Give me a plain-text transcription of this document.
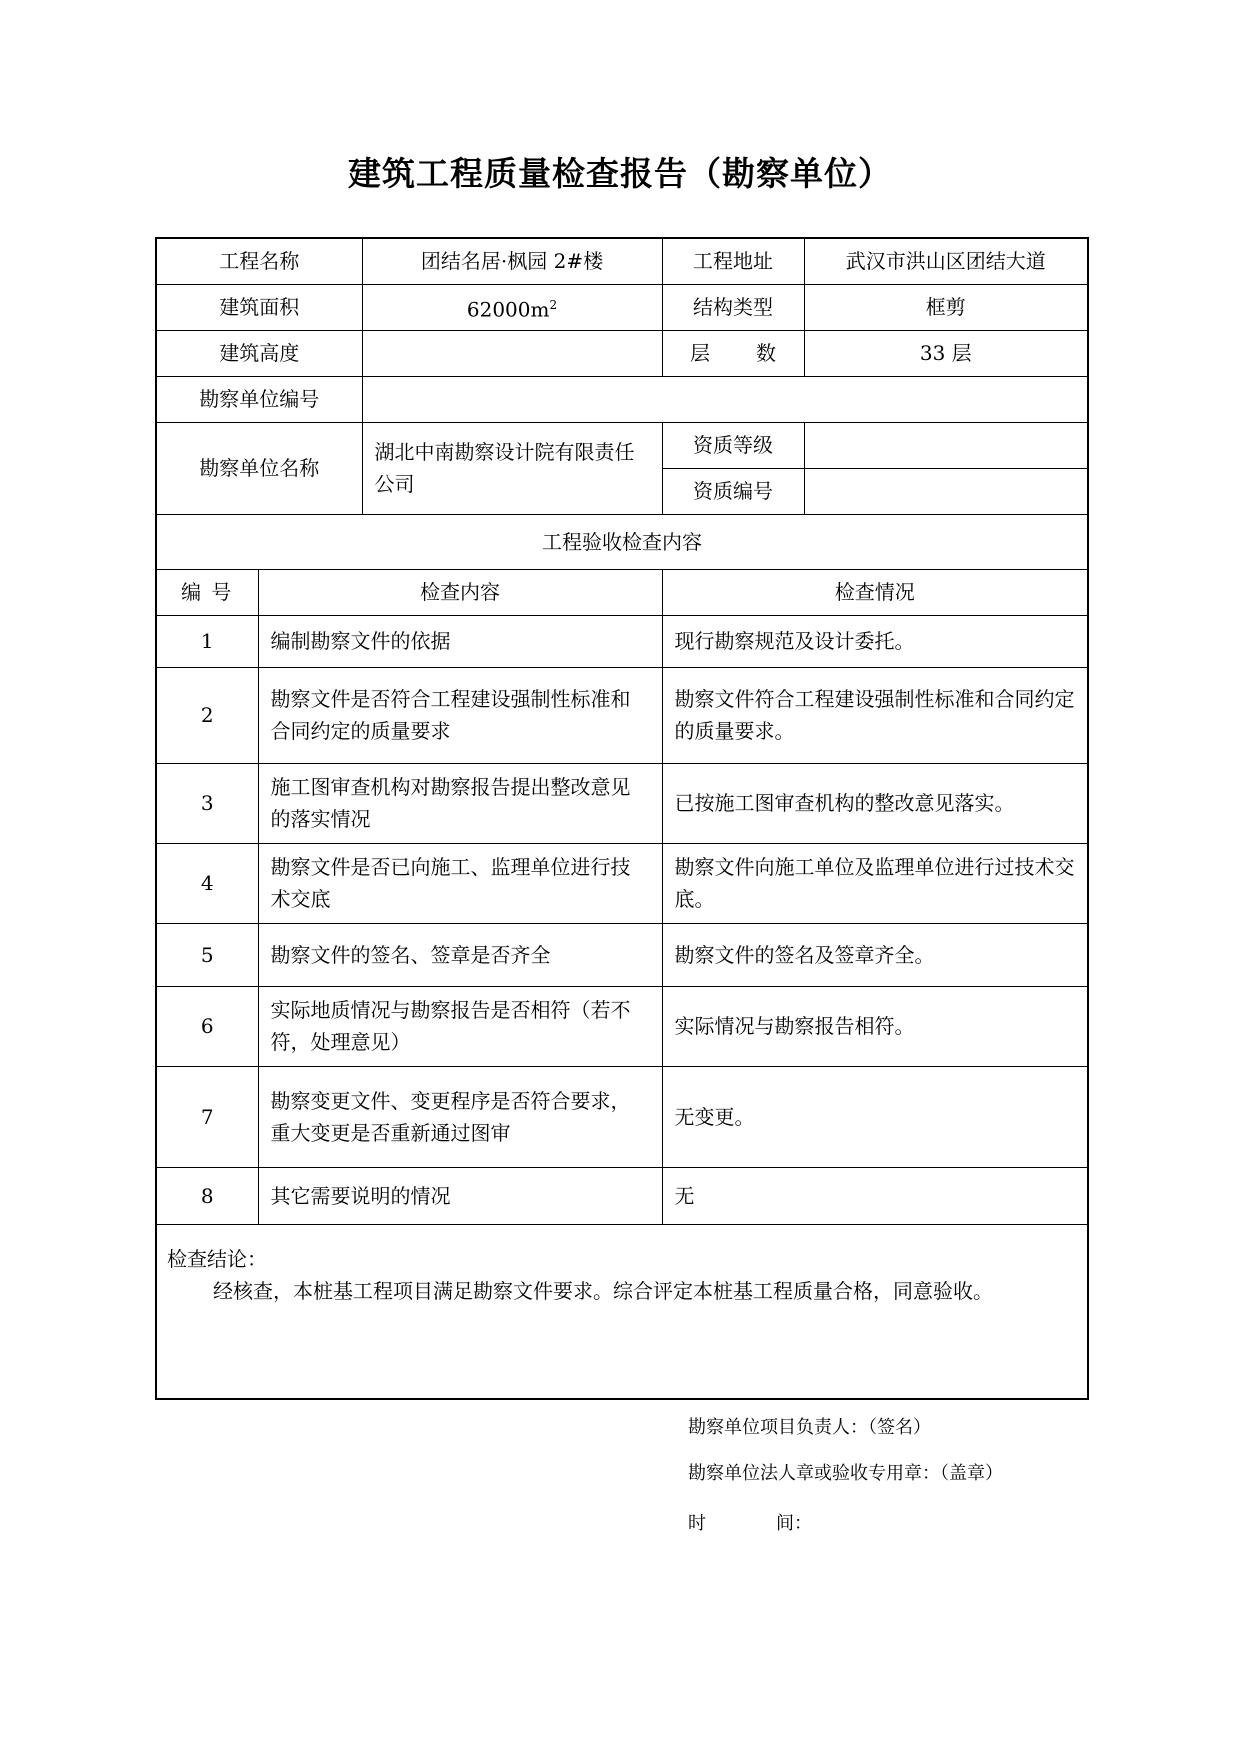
建筑工程质量检查报告（勘察单位）
工程名称		团结名居·枫园 2#楼	工程地址	武汉市洪山区团结大道
建筑面积		$62000m^2$	结构类型	框剪
建筑高度			层数	33 层
勘察单位编号				
勘察单位名称		湖北中南勘察设计院有限责任公司	资质等级	
			资质编号	
工程验收检查内容				
编 号	检查内容		检查情况	
1	编制勘察文件的依据		现行勘察规范及设计委托。	
2	勘察文件是否符合工程建设强制性标准和合同约定的质量要求		勘察文件符合工程建设强制性标准和合同约定的质量要求。	
3	施工图审查机构对勘察报告提出整改意见的落实情况		已按施工图审查机构的整改意见落实。	
4	勘察文件是否已向施工、监理单位进行技术交底		勘察文件向施工单位及监理单位进行过技术交底。	
5	勘察文件的签名、签章是否齐全		勘察文件的签名及签章齐全。	
6	实际地质情况与勘察报告是否相符（若不符，处理意见）		实际情况与勘察报告相符。	
7	勘察变更文件、变更程序是否符合要求，重大变更是否重新通过图审		无变更。	
8	其它需要说明的情况		无	

检查结论：
经核查，本桩基工程项目满足勘察文件要求。综合评定本桩基工程质量合格，同意验收。				
勘察单位项目负责人：（签名）
勘察单位法人章或验收专用章：（盖章）
时	间：
